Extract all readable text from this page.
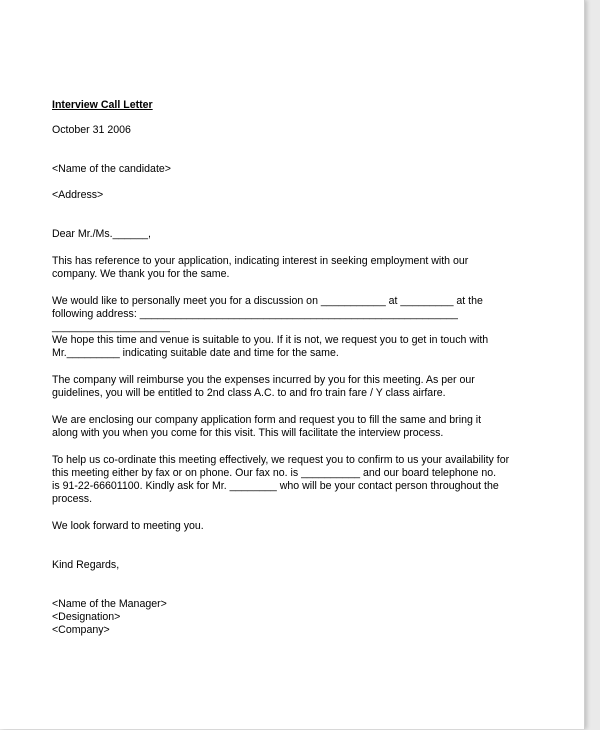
Interview Call Letter

October 31 2006

<Name of the candidate>

<Address>

Dear Mr./Ms.______,

This has reference to your application, indicating interest in seeking employment with our
company. We thank you for the same.

We would like to personally meet you for a discussion on ___________ at _________ at the
following address: ______________________________________________________
____________________

We hope this time and venue is suitable to you. If it is not, we request you to get in touch with
Mr._________ indicating suitable date and time for the same.

The company will reimburse you the expenses incurred by you for this meeting. As per our
guidelines, you will be entitled to 2nd class A.C. to and fro train fare / Y class airfare.

We are enclosing our company application form and request you to fill the same and bring it
along with you when you come for this visit. This will facilitate the interview process.

To help us co-ordinate this meeting effectively, we request you to confirm to us your availability for
this meeting either by fax or on phone. Our fax no. is __________ and our board telephone no.
is 91-22-66601100. Kindly ask for Mr. ________ who will be your contact person throughout the
process.

We look forward to meeting you.

Kind Regards,

<Name of the Manager>

<Designation>

<Company>
